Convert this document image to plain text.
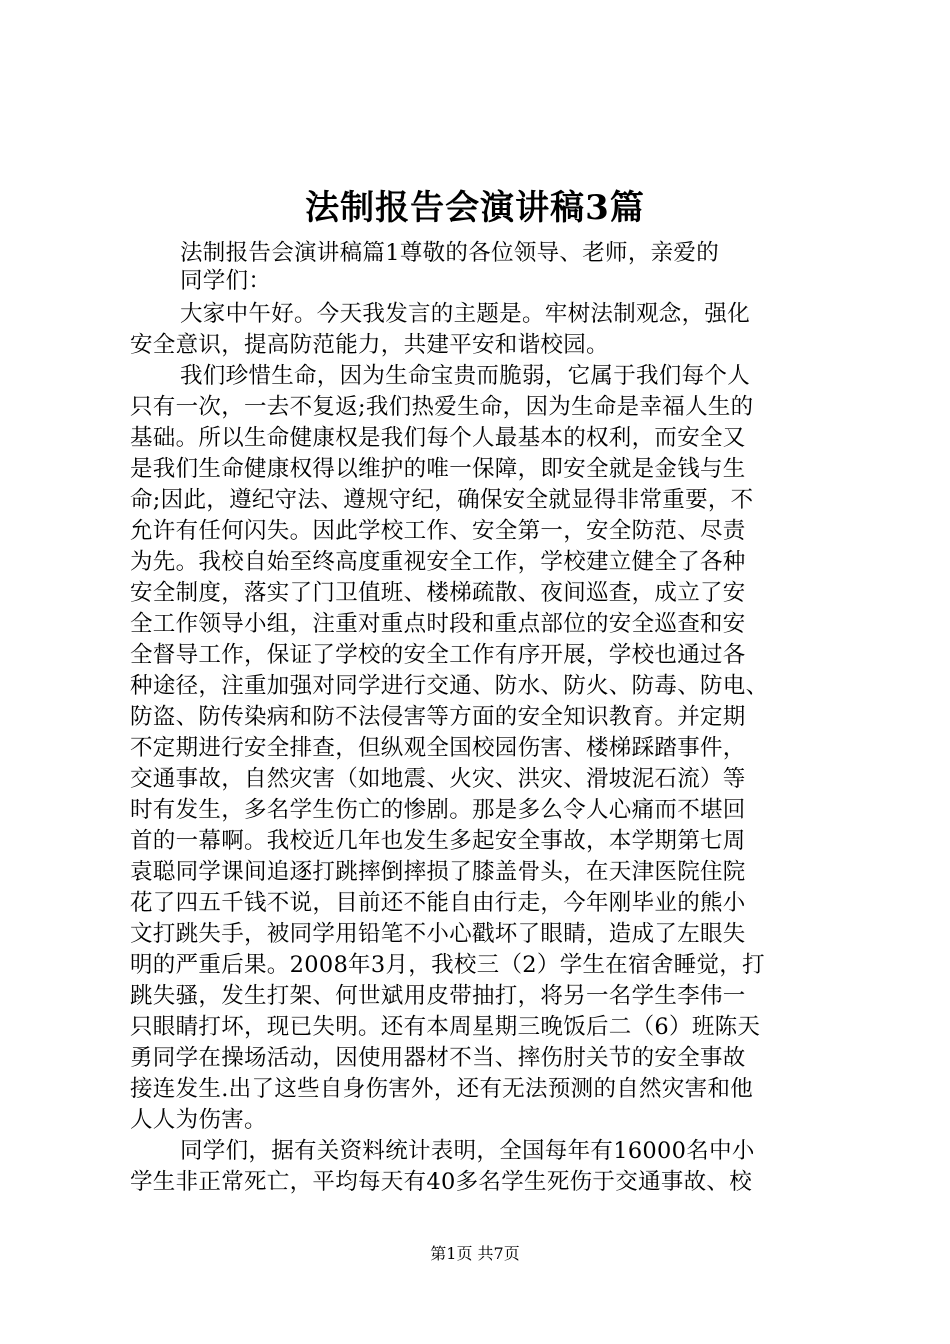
法制报告会演讲稿3篇
法制报告会演讲稿篇1尊敬的各位领导、老师，亲爱的
同学们：
大家中午好。今天我发言的主题是。牢树法制观念，强化
安全意识，提高防范能力，共建平安和谐校园。
我们珍惜生命，因为生命宝贵而脆弱，它属于我们每个人
只有一次，一去不复返;我们热爱生命，因为生命是幸福人生的
基础。所以生命健康权是我们每个人最基本的权利，而安全又
是我们生命健康权得以维护的唯一保障，即安全就是金钱与生
命;因此，遵纪守法、遵规守纪，确保安全就显得非常重要，不
允许有任何闪失。因此学校工作、安全第一，安全防范、尽责
为先。我校自始至终高度重视安全工作，学校建立健全了各种
安全制度，落实了门卫值班、楼梯疏散、夜间巡查，成立了安
全工作领导小组，注重对重点时段和重点部位的安全巡查和安
全督导工作，保证了学校的安全工作有序开展，学校也通过各
种途径，注重加强对同学进行交通、防水、防火、防毒、防电、
防盗、防传染病和防不法侵害等方面的安全知识教育。并定期
不定期进行安全排查，但纵观全国校园伤害、楼梯踩踏事件，
交通事故，自然灾害（如地震、火灾、洪灾、滑坡泥石流）等
时有发生，多名学生伤亡的惨剧。那是多么令人心痛而不堪回
首的一幕啊。我校近几年也发生多起安全事故，本学期第七周
袁聪同学课间追逐打跳摔倒摔损了膝盖骨头，在天津医院住院
花了四五千钱不说，目前还不能自由行走，今年刚毕业的熊小
文打跳失手，被同学用铅笔不小心戳坏了眼睛，造成了左眼失
明的严重后果。2008年3月，我校三（2）学生在宿舍睡觉，打
跳失骚，发生打架、何世斌用皮带抽打，将另一名学生李伟一
只眼睛打坏，现已失明。还有本周星期三晚饭后二（6）班陈天
勇同学在操场活动，因使用器材不当、摔伤肘关节的安全事故
接连发生.出了这些自身伤害外，还有无法预测的自然灾害和他
人人为伤害。
同学们，据有关资料统计表明，全国每年有16000名中小
学生非正常死亡，平均每天有40多名学生死伤于交通事故、校
第1页 共7页
